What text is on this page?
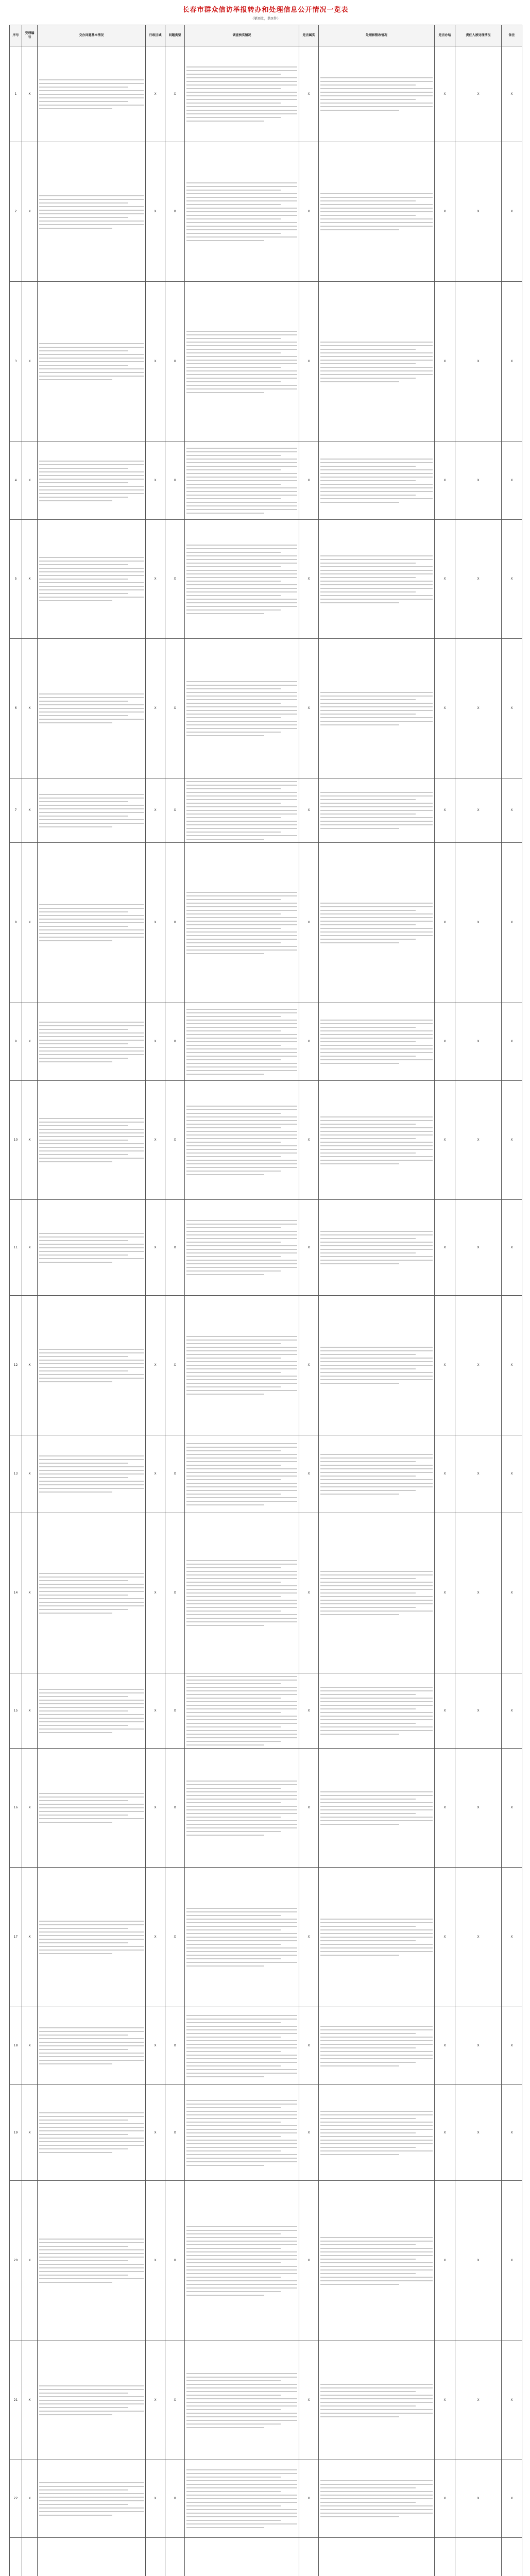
长春市群众信访举报转办和处理信息公开情况一览表
（第X批，共X件）
序号	受理编号	交办问题基本情况	行政区域	问题类型	调查核实情况	是否属实	处理和整改情况	是否办结	责任人被处理情况	备注
1	X		X	X		X		X	X	X
2	X		X	X		X		X	X	X
3	X		X	X		X		X	X	X
4	X		X	X		X		X	X	X
5	X		X	X		X		X	X	X
6	X		X	X		X		X	X	X
7	X		X	X		X		X	X	X
8	X		X	X		X		X	X	X
9	X		X	X		X		X	X	X
10	X		X	X		X		X	X	X
11	X		X	X		X		X	X	X
12	X		X	X		X		X	X	X
13	X		X	X		X		X	X	X
14	X		X	X		X		X	X	X
15	X		X	X		X		X	X	X
16	X		X	X		X		X	X	X
17	X		X	X		X		X	X	X
18	X		X	X		X		X	X	X
19	X		X	X		X		X	X	X
20	X		X	X		X		X	X	X
21	X		X	X		X		X	X	X
22	X		X	X		X		X	X	X
